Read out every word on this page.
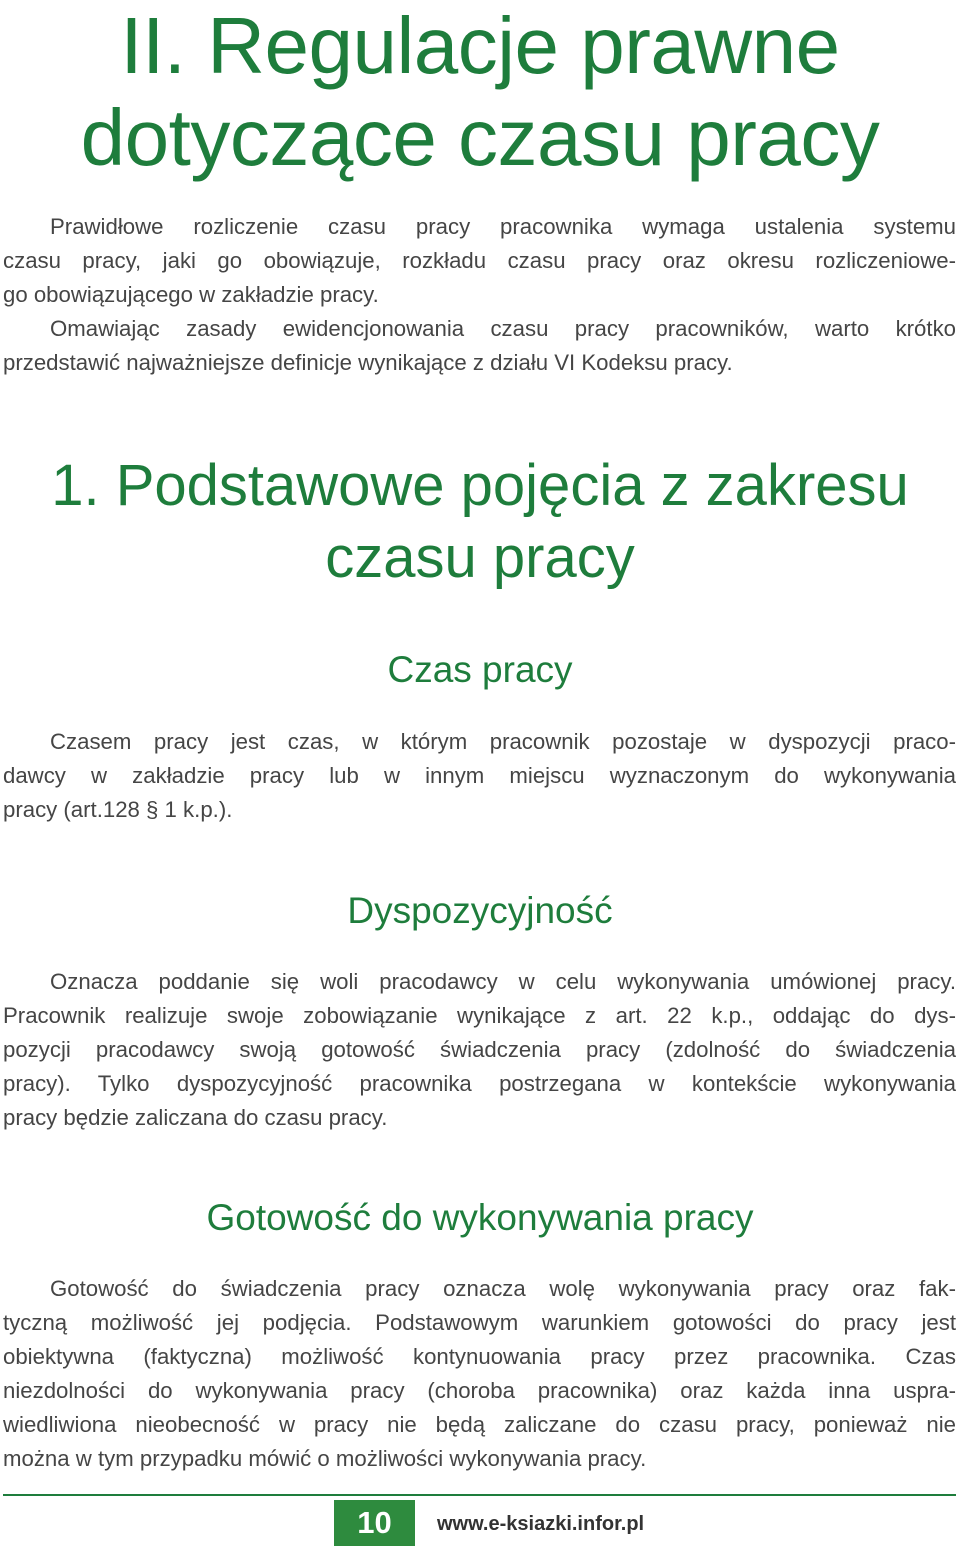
II. Regulacje prawne
dotyczące czasu pracy
Prawidłowe rozliczenie czasu pracy pracownika wymaga ustalenia systemu
czasu pracy, jaki go obowiązuje, rozkładu czasu pracy oraz okresu rozliczeniowe-
go obowiązującego w zakładzie pracy.
Omawiając zasady ewidencjonowania czasu pracy pracowników, warto krótko
przedstawić najważniejsze definicje wynikające z działu VI Kodeksu pracy.
1. Podstawowe pojęcia z zakresu
czasu pracy
Czas pracy
Czasem pracy jest czas, w którym pracownik pozostaje w dyspozycji praco-
dawcy w zakładzie pracy lub w innym miejscu wyznaczonym do wykonywania
pracy (art.128 § 1 k.p.).
Dyspozycyjność
Oznacza poddanie się woli pracodawcy w celu wykonywania umówionej pracy.
Pracownik realizuje swoje zobowiązanie wynikające z art. 22 k.p., oddając do dys-
pozycji pracodawcy swoją gotowość świadczenia pracy (zdolność do świadczenia
pracy). Tylko dyspozycyjność pracownika postrzegana w kontekście wykonywania
pracy będzie zaliczana do czasu pracy.
Gotowość do wykonywania pracy
Gotowość do świadczenia pracy oznacza wolę wykonywania pracy oraz fak-
tyczną możliwość jej podjęcia. Podstawowym warunkiem gotowości do pracy jest
obiektywna (faktyczna) możliwość kontynuowania pracy przez pracownika. Czas
niezdolności do wykonywania pracy (choroba pracownika) oraz każda inna uspra-
wiedliwiona nieobecność w pracy nie będą zaliczane do czasu pracy, ponieważ nie
można w tym przypadku mówić o możliwości wykonywania pracy.
10	www.e-ksiazki.infor.pl
